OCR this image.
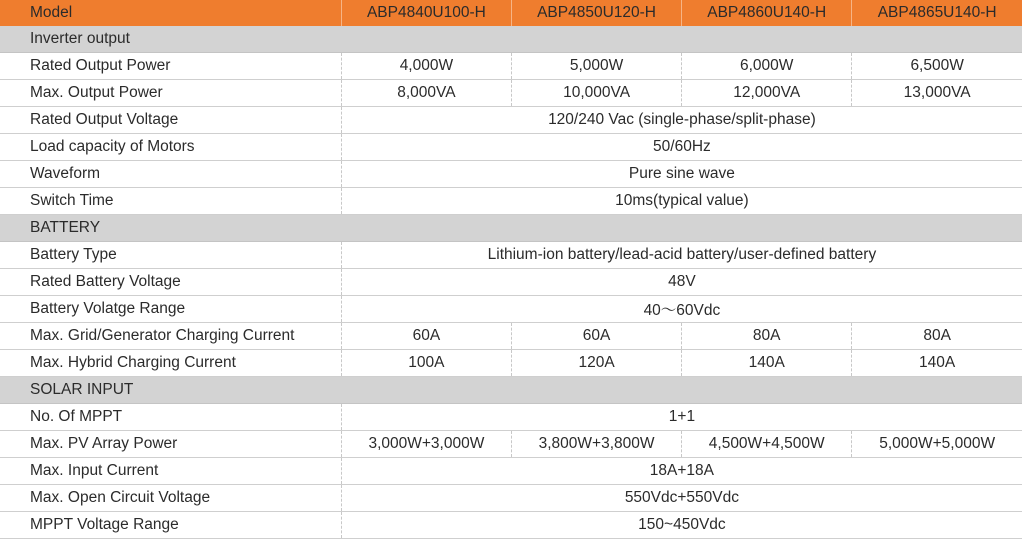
Model	ABP4840U100-H	ABP4850U120-H	ABP4860U140-H	ABP4865U140-H
Inverter output				
Rated Output Power	4,000W	5,000W	6,000W	6,500W
Max. Output Power	8,000VA	10,000VA	12,000VA	13,000VA
Rated Output Voltage	120/240 Vac (single-phase/split-phase)			
Load capacity of Motors	50/60Hz			
Waveform	Pure sine wave			
Switch Time	10ms(typical value)			
BATTERY				
Battery Type	Lithium-ion battery/lead-acid battery/user-defined battery			
Rated Battery Voltage	48V			
Battery Volatge Range	40～60Vdc			
Max. Grid/Generator Charging Current	60A	60A	80A	80A
Max. Hybrid Charging Current	100A	120A	140A	140A
SOLAR INPUT				
No. Of MPPT	1+1			
Max. PV Array Power	3,000W+3,000W	3,800W+3,800W	4,500W+4,500W	5,000W+5,000W
Max. Input Current	18A+18A			
Max. Open Circuit Voltage	550Vdc+550Vdc			
MPPT Voltage Range	150~450Vdc			
